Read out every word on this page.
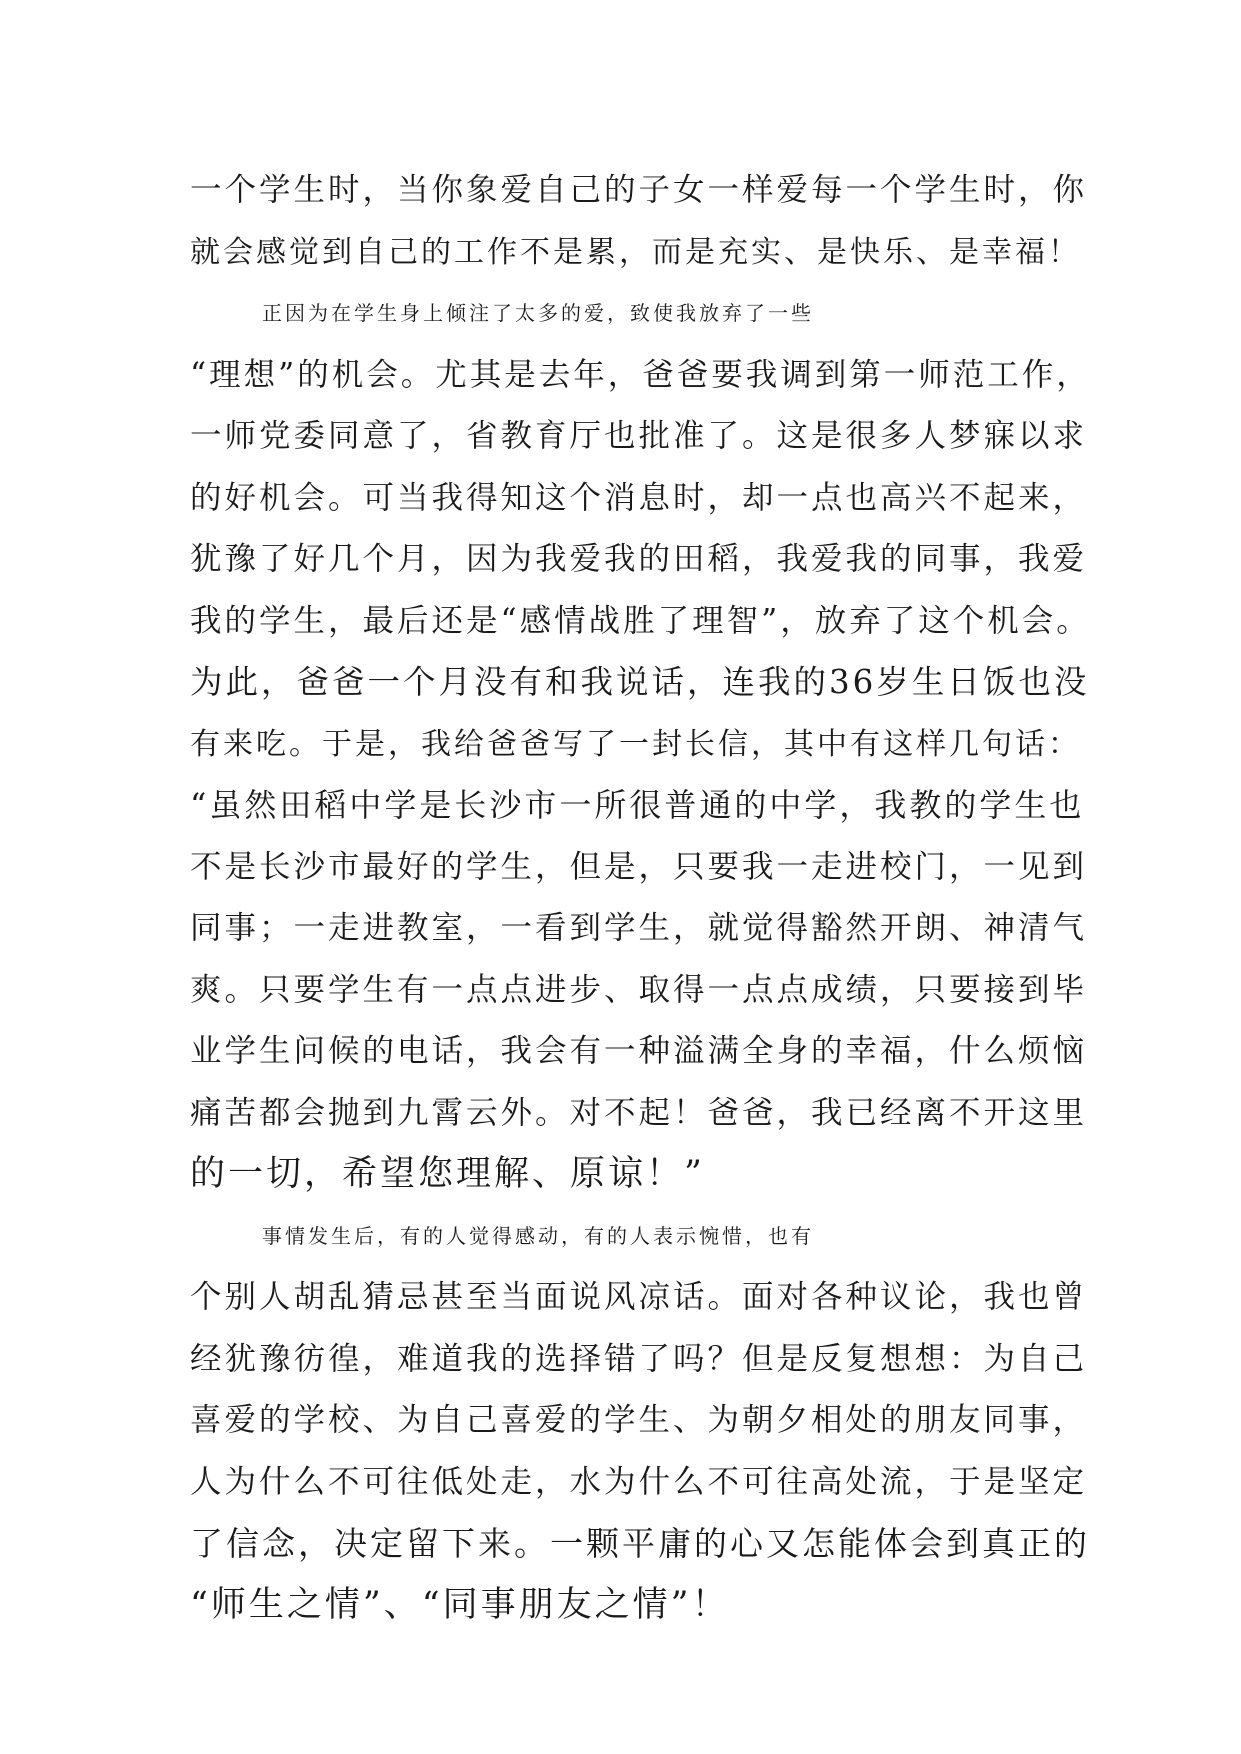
一个学生时，当你象爱自己的子女一样爱每一个学生时，你
就会感觉到自己的工作不是累，而是充实、是快乐、是幸福！
正因为在学生身上倾注了太多的爱，致使我放弃了一些
“理想”的机会。尤其是去年，爸爸要我调到第一师范工作，
一师党委同意了，省教育厅也批准了。这是很多人梦寐以求
的好机会。可当我得知这个消息时，却一点也高兴不起来，
犹豫了好几个月，因为我爱我的田稻，我爱我的同事，我爱
我的学生，最后还是“感情战胜了理智”，放弃了这个机会。
为此，爸爸一个月没有和我说话，连我的36岁生日饭也没
有来吃。于是，我给爸爸写了一封长信，其中有这样几句话：
“虽然田稻中学是长沙市一所很普通的中学，我教的学生也
不是长沙市最好的学生，但是，只要我一走进校门，一见到
同事；一走进教室，一看到学生，就觉得豁然开朗、神清气
爽。只要学生有一点点进步、取得一点点成绩，只要接到毕
业学生问候的电话，我会有一种溢满全身的幸福，什么烦恼
痛苦都会抛到九霄云外。对不起！爸爸，我已经离不开这里
的一切，希望您理解、原谅！”
事情发生后，有的人觉得感动，有的人表示惋惜，也有
个别人胡乱猜忌甚至当面说风凉话。面对各种议论，我也曾
经犹豫彷徨，难道我的选择错了吗？但是反复想想：为自己
喜爱的学校、为自己喜爱的学生、为朝夕相处的朋友同事，
人为什么不可往低处走，水为什么不可往高处流，于是坚定
了信念，决定留下来。一颗平庸的心又怎能体会到真正的
“师生之情”、“同事朋友之情”！
